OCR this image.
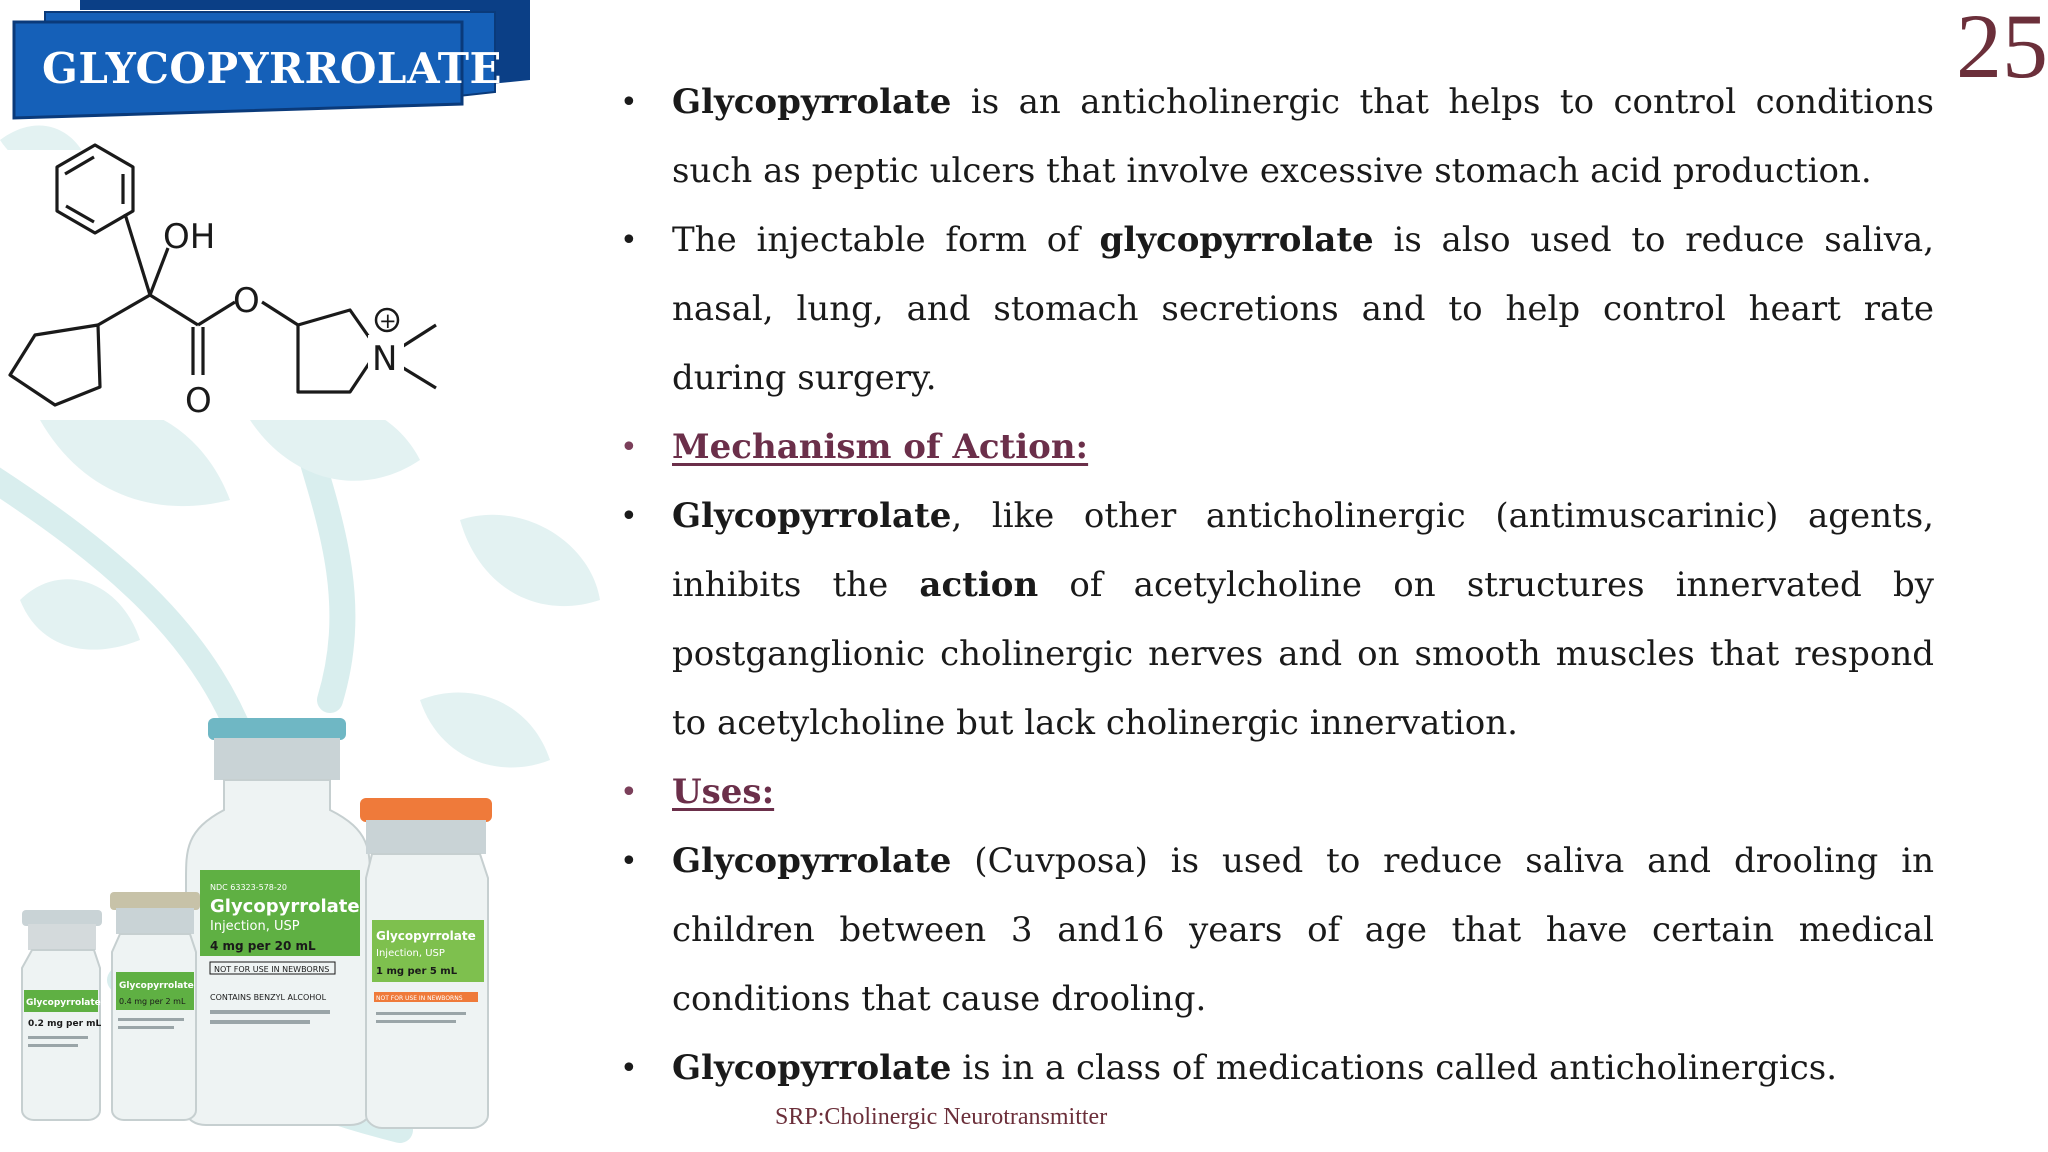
GLYCOPYRROLATE	25
OH
O
O
N
+
NDC 63323-578-20
Glycopyrrolate
Injection, USP
4 mg per 20 mL
NOT FOR USE IN NEWBORNS
CONTAINS BENZYL ALCOHOL
Glycopyrrolate
Injection, USP
1 mg per 5 mL
NOT FOR USE IN NEWBORNS
Glycopyrrolate
0.4 mg per 2 mL
Glycopyrrolate
0.2 mg per mL
• Glycopyrrolate is an anticholinergic that helps to control conditions such as peptic ulcers that involve excessive stomach acid production.
• The injectable form of glycopyrrolate is also used to reduce saliva, nasal, lung, and stomach secretions and to help control heart rate during surgery.
• Mechanism of Action:
• Glycopyrrolate, like other anticholinergic (antimuscarinic) agents, inhibits the action of acetylcholine on structures innervated by postganglionic cholinergic nerves and on smooth muscles that respond to acetylcholine but lack cholinergic innervation.
• Uses:
• Glycopyrrolate (Cuvposa) is used to reduce saliva and drooling in children between 3 and16 years of age that have certain medical conditions that cause drooling.
• Glycopyrrolate is in a class of medications called anticholinergics.
SRP:Cholinergic Neurotransmitter
